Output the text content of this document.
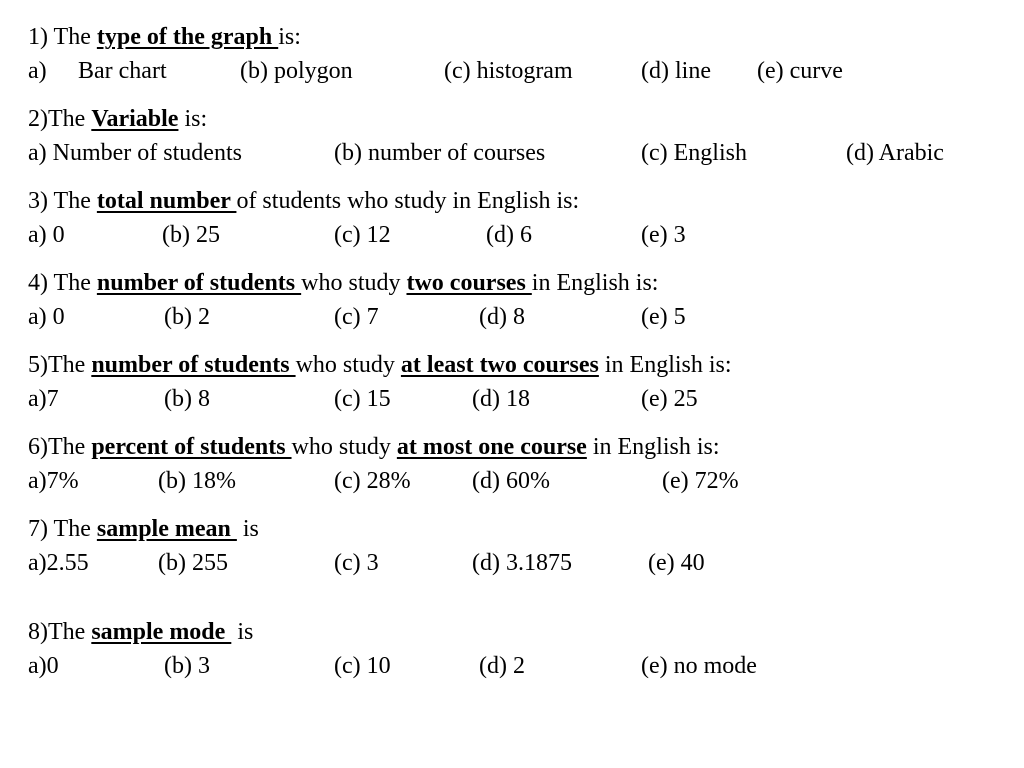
1) The type of the graph is:
a) Bar chart	(b) polygon	(c) histogram	(d) line (e) curve
2)The Variable is:
a) Number of students	(b) number of courses	(c) English	(d) Arabic
3) The total number of students who study in English is:
a) 0	(b) 25	(c) 12	(d) 6	(e) 3
4) The number of students who study two courses in English is:
a) 0	(b) 2	(c) 7	(d) 8	(e) 5
5)The number of students who study at least two courses in English is:
a)7	(b) 8	(c) 15	(d) 18	(e) 25
6)The percent of students who study at most one course in English is:
a)7%	(b) 18%	(c) 28%	(d) 60%	(e) 72%
7) The sample mean  is
a)2.55	(b) 255	(c) 3	(d) 3.1875	(e) 40
8)The sample mode  is
a)0	(b) 3	(c) 10	(d) 2	(e) no mode
